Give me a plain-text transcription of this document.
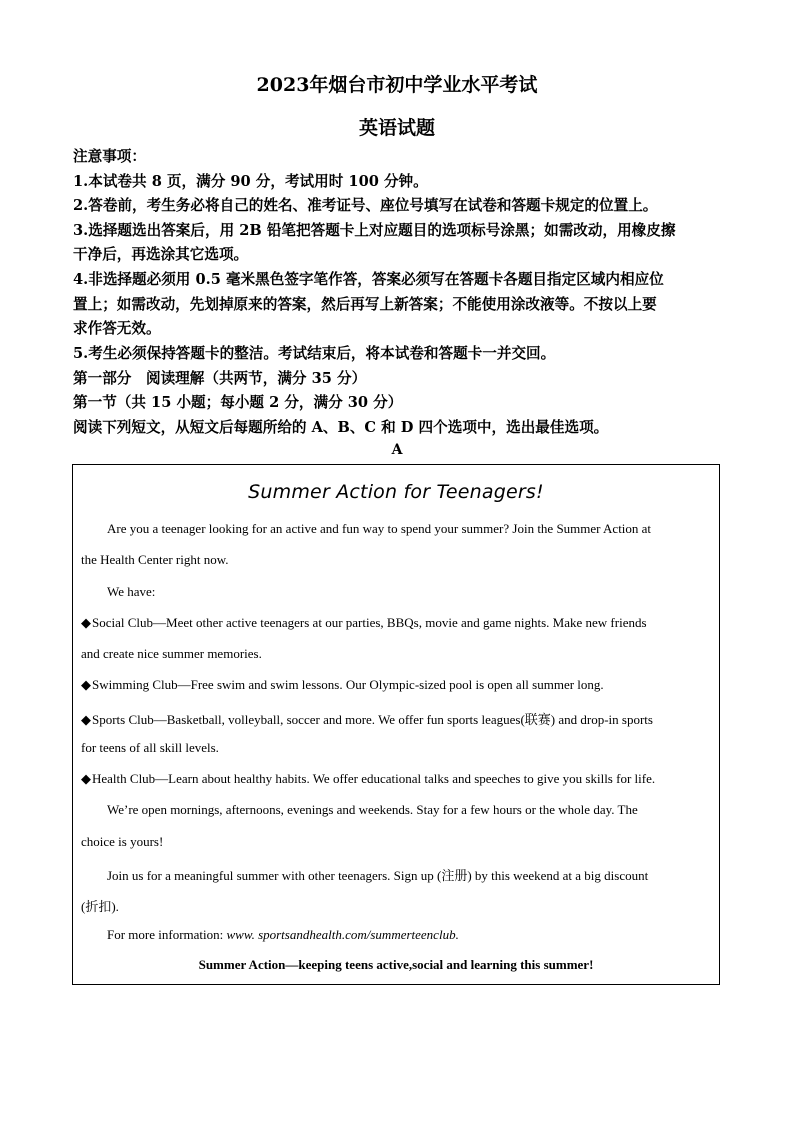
2023年烟台市初中学业水平考试
英语试题
注意事项：
1.本试卷共 8 页，满分 90 分，考试用时 100 分钟。
2.答卷前，考生务必将自己的姓名、准考证号、座位号填写在试卷和答题卡规定的位置上。
3.选择题选出答案后，用 2B 铅笔把答题卡上对应题目的选项标号涂黑；如需改动，用橡皮擦
干净后，再选涂其它选项。
4.非选择题必须用 0.5 毫米黑色签字笔作答，答案必须写在答题卡各题目指定区域内相应位
置上；如需改动，先划掉原来的答案，然后再写上新答案；不能使用涂改液等。不按以上要
求作答无效。
5.考生必须保持答题卡的整洁。考试结束后，将本试卷和答题卡一并交回。
第一部分　阅读理解（共两节，满分 35 分）
第一节（共 15 小题；每小题 2 分，满分 30 分）
阅读下列短文，从短文后每题所给的 A、B、C 和 D 四个选项中，选出最佳选项。
A
Summer Action for Teenagers!
Are you a teenager looking for an active and fun way to spend your summer? Join the Summer Action at
the Health Center right now.
We have:
◆Social Club—Meet other active teenagers at our parties, BBQs, movie and game nights. Make new friends
and create nice summer memories.
◆Swimming Club—Free swim and swim lessons. Our Olympic-sized pool is open all summer long.
◆Sports Club—Basketball, volleyball, soccer and more. We offer fun sports leagues(联赛) and drop-in sports
for teens of all skill levels.
◆Health Club—Learn about healthy habits. We offer educational talks and speeches to give you skills for life.
We’re open mornings, afternoons, evenings and weekends. Stay for a few hours or the whole day. The
choice is yours!
Join us for a meaningful summer with other teenagers. Sign up (注册) by this weekend at a big discount
(折扣).
For more information: www. sportsandhealth.com/summerteenclub.
Summer Action—keeping teens active,social and learning this summer!
